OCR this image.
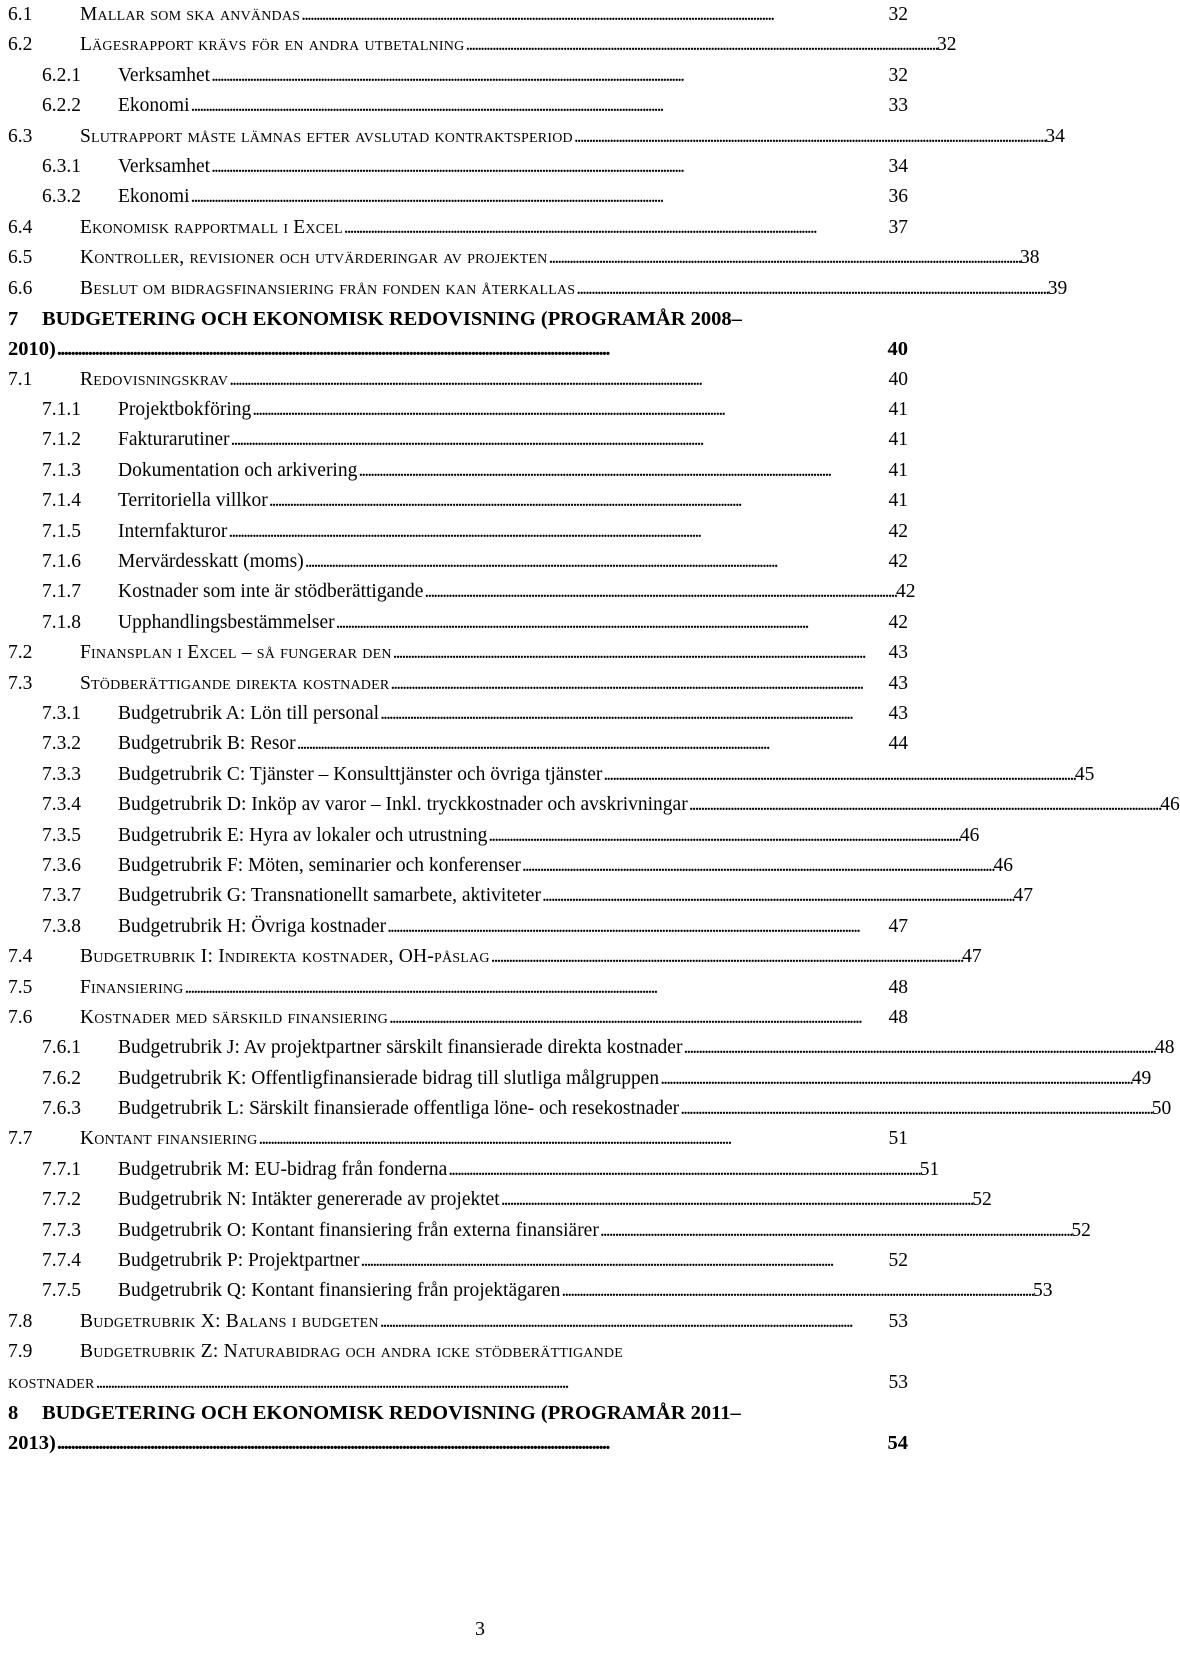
6.1	Mallar som ska användas . . .	32
6.2	Lägesrapport krävs för en andra utbetalning . . .	32
6.2.1	Verksamhet . . .	32
6.2.2	Ekonomi . . .	33
6.3	Slutrapport måste lämnas efter avslutad kontraktsperiod . . .	34
6.3.1	Verksamhet . . .	34
6.3.2	Ekonomi . . .	36
6.4	Ekonomisk rapportmall i Excel . . .	37
6.5	Kontroller, revisioner och utvärderingar av projekten . . .	38
6.6	Beslut om bidragsfinansiering från fonden kan återkallas . . .	39
7	BUDGETERING OCH EKONOMISK REDOVISNING (PROGRAMÅR 2008–
2010) . . .	40
7.1	Redovisningskrav . . .	40
7.1.1	Projektbokföring . . .	41
7.1.2	Fakturarutiner . . .	41
7.1.3	Dokumentation och arkivering . . .	41
7.1.4	Territoriella villkor . . .	41
7.1.5	Internfakturor . . .	42
7.1.6	Mervärdesskatt (moms) . . .	42
7.1.7	Kostnader som inte är stödberättigande . . .	42
7.1.8	Upphandlingsbestämmelser . . .	42
7.2	Finansplan i Excel – så fungerar den . . .	43
7.3	Stödberättigande direkta kostnader . . .	43
7.3.1	Budgetrubrik A: Lön till personal . . .	43
7.3.2	Budgetrubrik B: Resor . . .	44
7.3.3	Budgetrubrik C: Tjänster – Konsulttjänster och övriga tjänster . . .	45
7.3.4	Budgetrubrik D: Inköp av varor – Inkl. tryckkostnader och avskrivningar . . .	46
7.3.5	Budgetrubrik E: Hyra av lokaler och utrustning . . .	46
7.3.6	Budgetrubrik F: Möten, seminarier och konferenser . . .	46
7.3.7	Budgetrubrik G: Transnationellt samarbete, aktiviteter . . .	47
7.3.8	Budgetrubrik H: Övriga kostnader . . .	47
7.4	Budgetrubrik I: Indirekta kostnader, OH-påslag . . .	47
7.5	Finansiering . . .	48
7.6	Kostnader med särskild finansiering . . .	48
7.6.1	Budgetrubrik J: Av projektpartner särskilt finansierade direkta kostnader . . .	48
7.6.2	Budgetrubrik K: Offentligfinansierade bidrag till slutliga målgruppen . . .	49
7.6.3	Budgetrubrik L: Särskilt finansierade offentliga löne- och resekostnader . . .	50
7.7	Kontant finansiering . . .	51
7.7.1	Budgetrubrik M: EU-bidrag från fonderna . . .	51
7.7.2	Budgetrubrik N: Intäkter genererade av projektet . . .	52
7.7.3	Budgetrubrik O: Kontant finansiering från externa finansiärer . . .	52
7.7.4	Budgetrubrik P: Projektpartner . . .	52
7.7.5	Budgetrubrik Q: Kontant finansiering från projektägaren . . .	53
7.8	Budgetrubrik X: Balans i budgeten . . .	53
7.9	Budgetrubrik Z: Naturabidrag och andra icke stödberättigande
kostnader . . .	53
8	BUDGETERING OCH EKONOMISK REDOVISNING (PROGRAMÅR 2011–
2013) . . .	54
3
